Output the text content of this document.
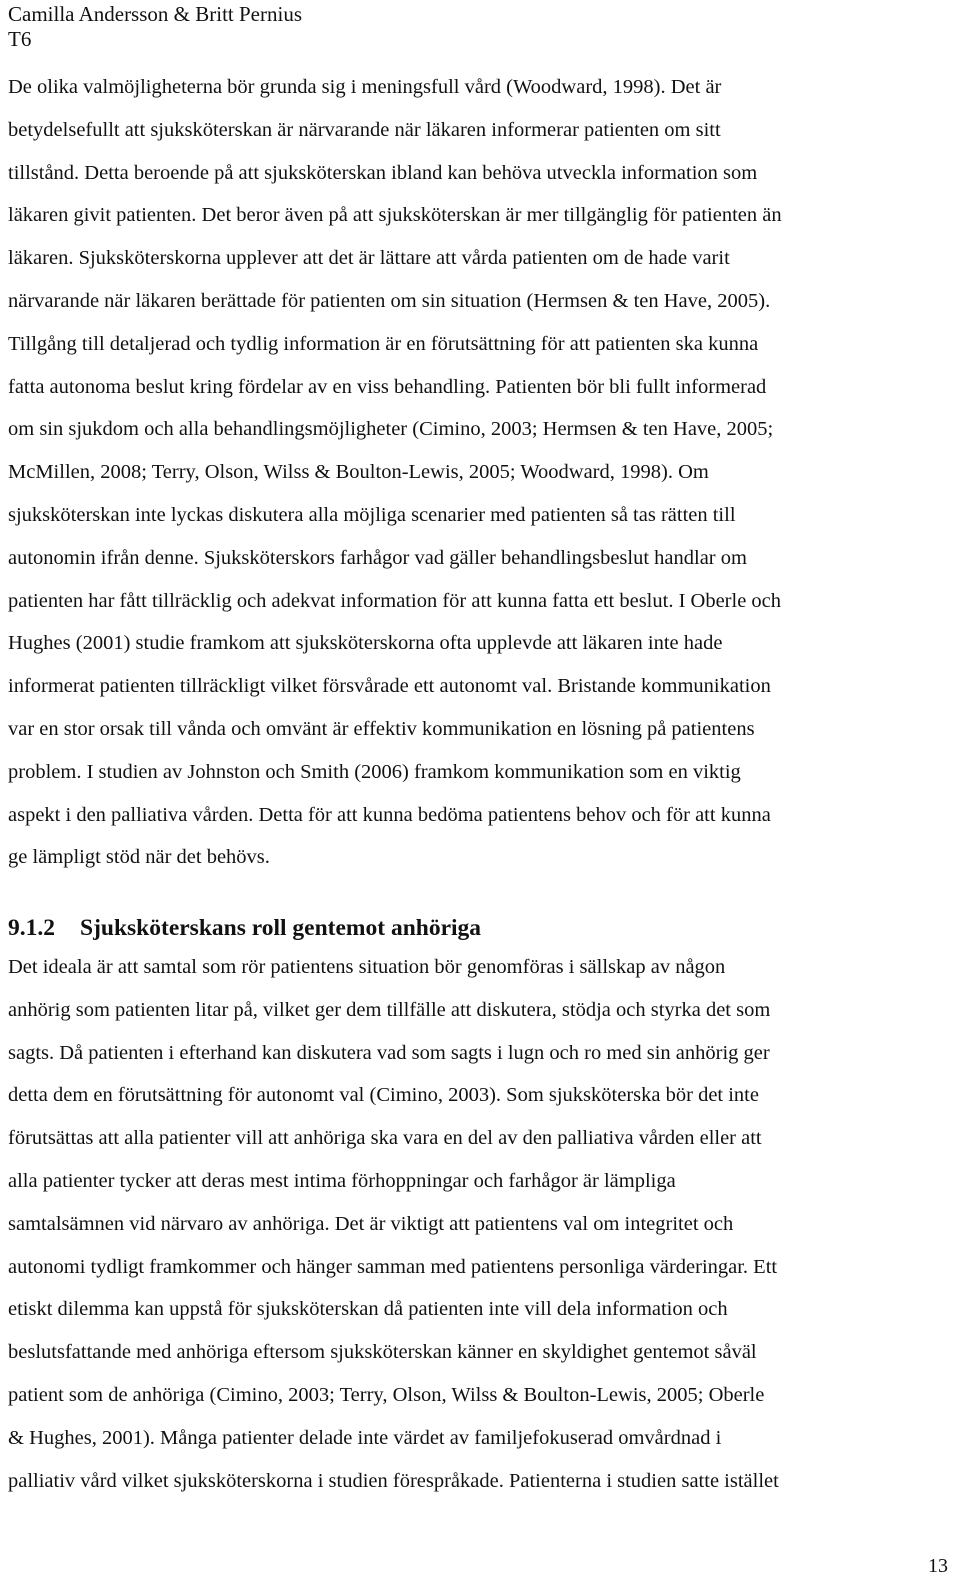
Camilla Andersson & Britt Pernius
T6
De olika valmöjligheterna bör grunda sig i meningsfull vård (Woodward, 1998). Det är
betydelsefullt att sjuksköterskan är närvarande när läkaren informerar patienten om sitt
tillstånd. Detta beroende på att sjuksköterskan ibland kan behöva utveckla information som
läkaren givit patienten. Det beror även på att sjuksköterskan är mer tillgänglig för patienten än
läkaren. Sjuksköterskorna upplever att det är lättare att vårda patienten om de hade varit
närvarande när läkaren berättade för patienten om sin situation (Hermsen & ten Have, 2005).
Tillgång till detaljerad och tydlig information är en förutsättning för att patienten ska kunna
fatta autonoma beslut kring fördelar av en viss behandling. Patienten bör bli fullt informerad
om sin sjukdom och alla behandlingsmöjligheter (Cimino, 2003; Hermsen & ten Have, 2005;
McMillen, 2008; Terry, Olson, Wilss & Boulton-Lewis, 2005; Woodward, 1998). Om
sjuksköterskan inte lyckas diskutera alla möjliga scenarier med patienten så tas rätten till
autonomin ifrån denne. Sjuksköterskors farhågor vad gäller behandlingsbeslut handlar om
patienten har fått tillräcklig och adekvat information för att kunna fatta ett beslut. I Oberle och
Hughes (2001) studie framkom att sjuksköterskorna ofta upplevde att läkaren inte hade
informerat patienten tillräckligt vilket försvårade ett autonomt val. Bristande kommunikation
var en stor orsak till vånda och omvänt är effektiv kommunikation en lösning på patientens
problem. I studien av Johnston och Smith (2006) framkom kommunikation som en viktig
aspekt i den palliativa vården. Detta för att kunna bedöma patientens behov och för att kunna
ge lämpligt stöd när det behövs.
9.1.2 Sjuksköterskans roll gentemot anhöriga
Det ideala är att samtal som rör patientens situation bör genomföras i sällskap av någon
anhörig som patienten litar på, vilket ger dem tillfälle att diskutera, stödja och styrka det som
sagts. Då patienten i efterhand kan diskutera vad som sagts i lugn och ro med sin anhörig ger
detta dem en förutsättning för autonomt val (Cimino, 2003). Som sjuksköterska bör det inte
förutsättas att alla patienter vill att anhöriga ska vara en del av den palliativa vården eller att
alla patienter tycker att deras mest intima förhoppningar och farhågor är lämpliga
samtalsämnen vid närvaro av anhöriga. Det är viktigt att patientens val om integritet och
autonomi tydligt framkommer och hänger samman med patientens personliga värderingar. Ett
etiskt dilemma kan uppstå för sjuksköterskan då patienten inte vill dela information och
beslutsfattande med anhöriga eftersom sjuksköterskan känner en skyldighet gentemot såväl
patient som de anhöriga (Cimino, 2003; Terry, Olson, Wilss & Boulton-Lewis, 2005; Oberle
& Hughes, 2001). Många patienter delade inte värdet av familjefokuserad omvårdnad i
palliativ vård vilket sjuksköterskorna i studien förespråkade. Patienterna i studien satte istället
13
